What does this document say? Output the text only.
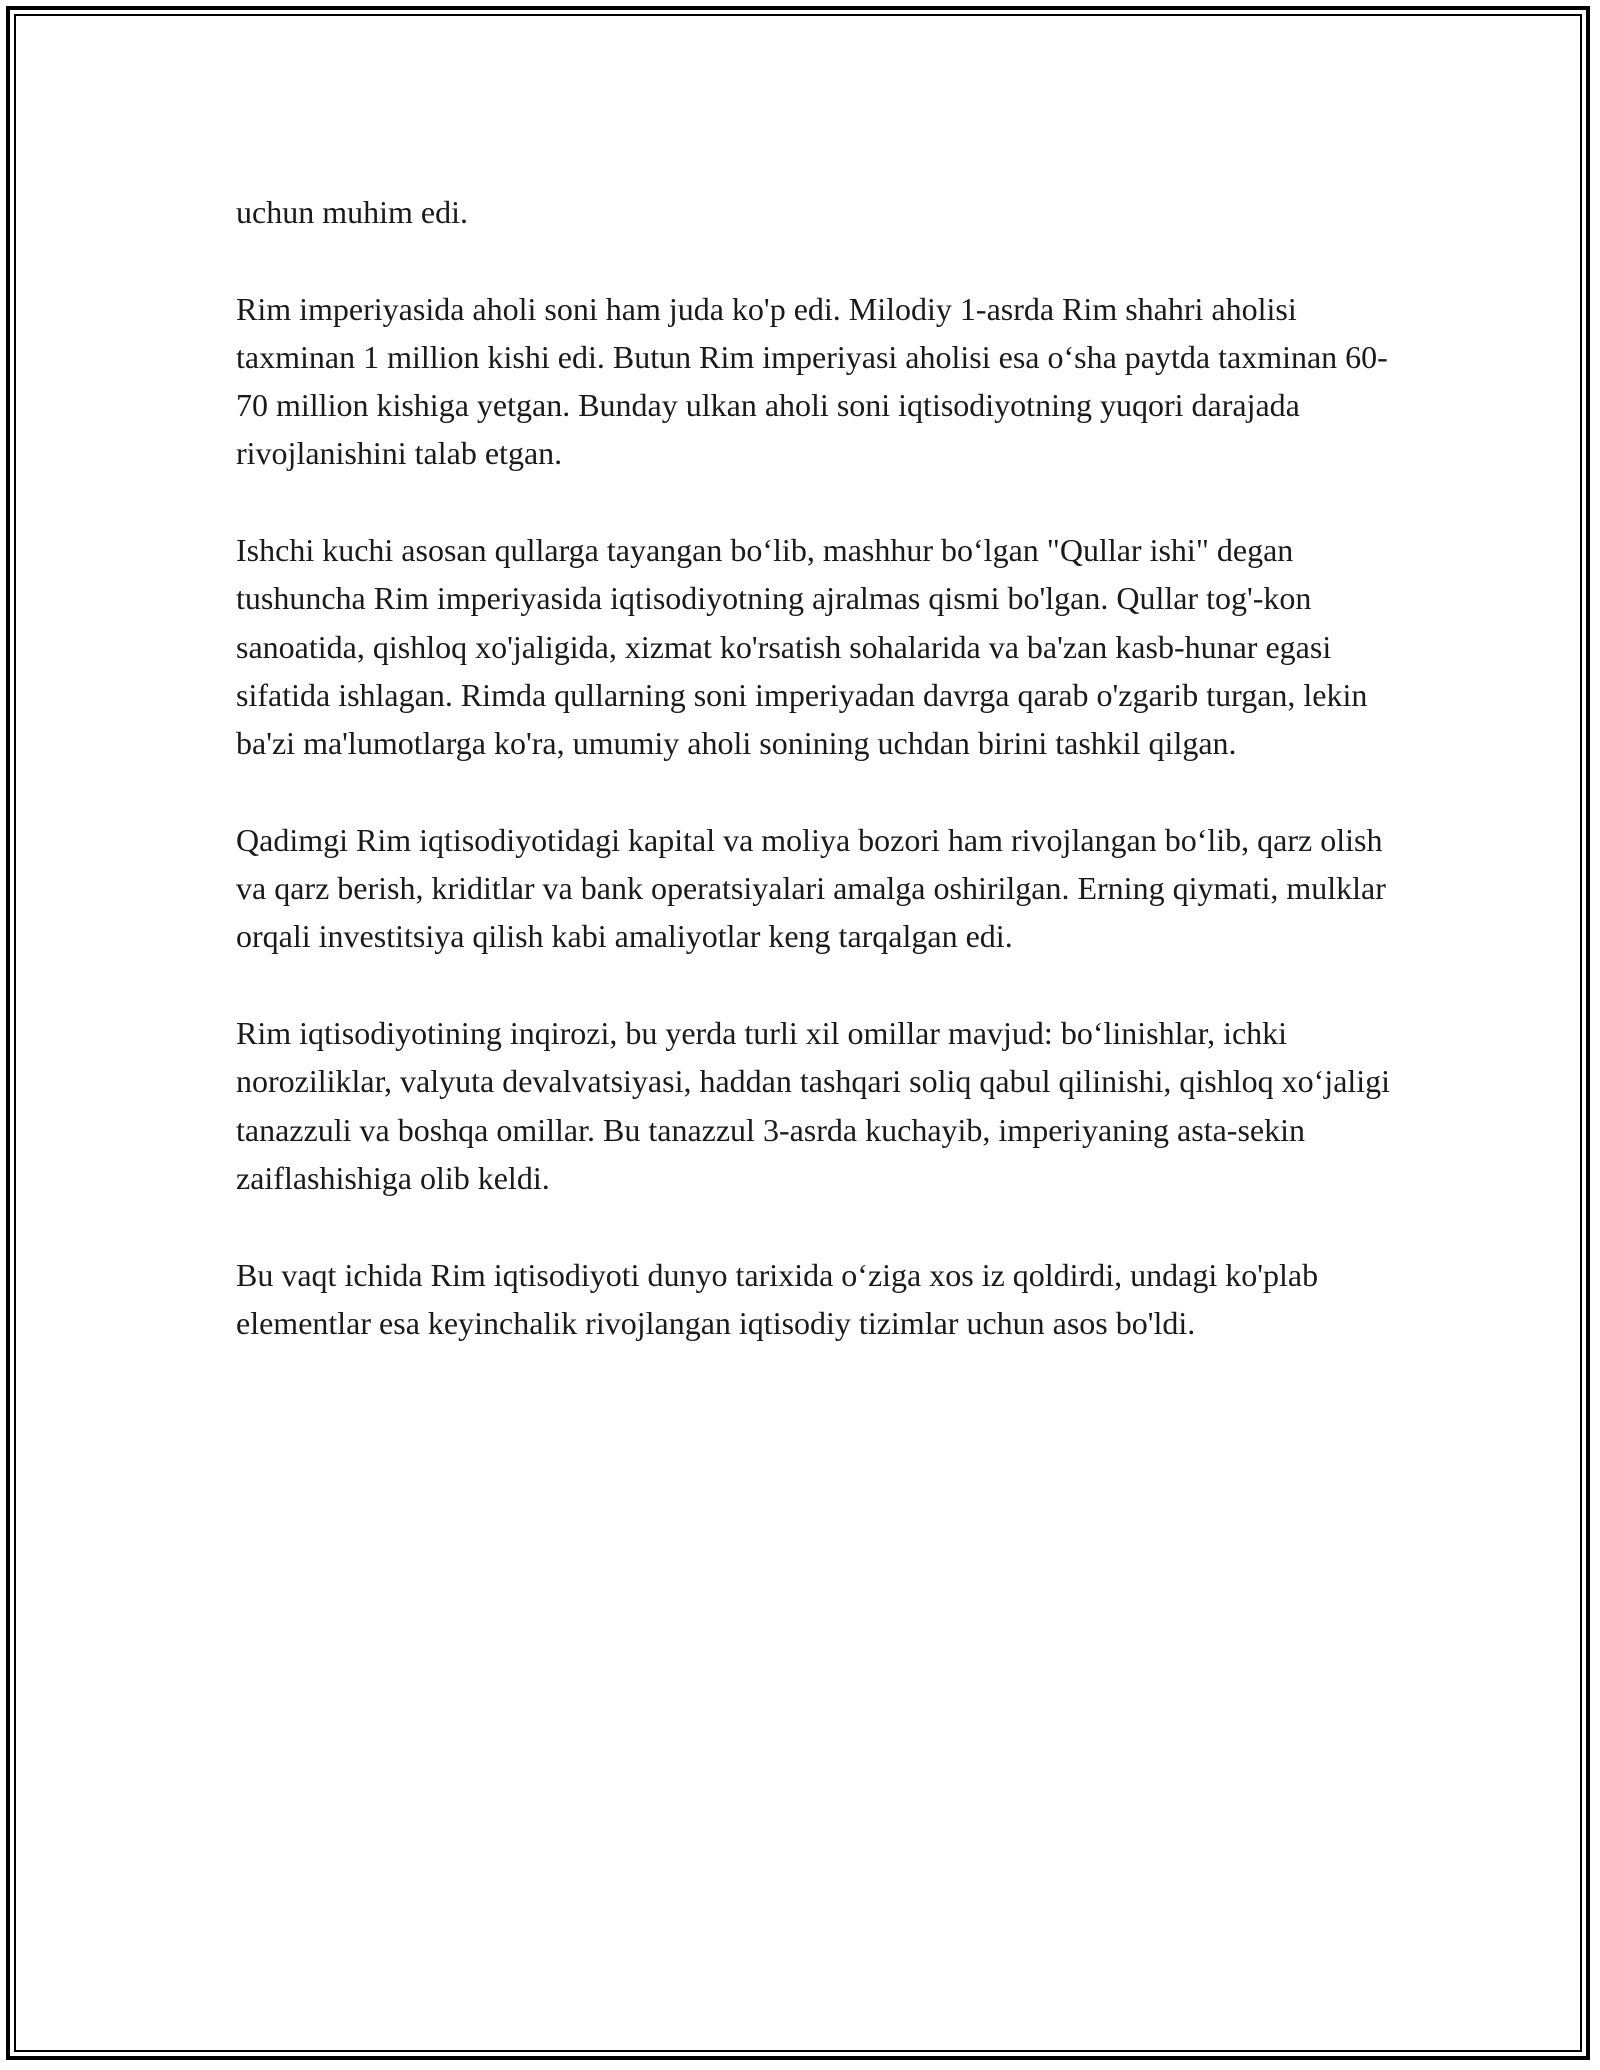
uchun muhim edi.

Rim imperiyasida aholi soni ham juda ko'p edi. Milodiy 1-asrda Rim shahri aholisi taxminan 1 million kishi edi. Butun Rim imperiyasi aholisi esa o‘sha paytda taxminan 60-70 million kishiga yetgan. Bunday ulkan aholi soni iqtisodiyotning yuqori darajada rivojlanishini talab etgan.

Ishchi kuchi asosan qullarga tayangan bo‘lib, mashhur bo‘lgan "Qullar ishi" degan tushuncha Rim imperiyasida iqtisodiyotning ajralmas qismi bo'lgan. Qullar tog'-kon sanoatida, qishloq xo'jaligida, xizmat ko'rsatish sohalarida va ba'zan kasb-hunar egasi sifatida ishlagan. Rimda qullarning soni imperiyadan davrga qarab o'zgarib turgan, lekin ba'zi ma'lumotlarga ko'ra, umumiy aholi sonining uchdan birini tashkil qilgan.

Qadimgi Rim iqtisodiyotidagi kapital va moliya bozori ham rivojlangan bo‘lib, qarz olish va qarz berish, kriditlar va bank operatsiyalari amalga oshirilgan. Erning qiymati, mulklar orqali investitsiya qilish kabi amaliyotlar keng tarqalgan edi.

Rim iqtisodiyotining inqirozi, bu yerda turli xil omillar mavjud: bo‘linishlar, ichki noroziliklar, valyuta devalvatsiyasi, haddan tashqari soliq qabul qilinishi, qishloq xo‘jaligi tanazzuli va boshqa omillar. Bu tanazzul 3-asrda kuchayib, imperiyaning asta-sekin zaiflashishiga olib keldi.

Bu vaqt ichida Rim iqtisodiyoti dunyo tarixida o‘ziga xos iz qoldirdi, undagi ko'plab elementlar esa keyinchalik rivojlangan iqtisodiy tizimlar uchun asos bo'ldi.
